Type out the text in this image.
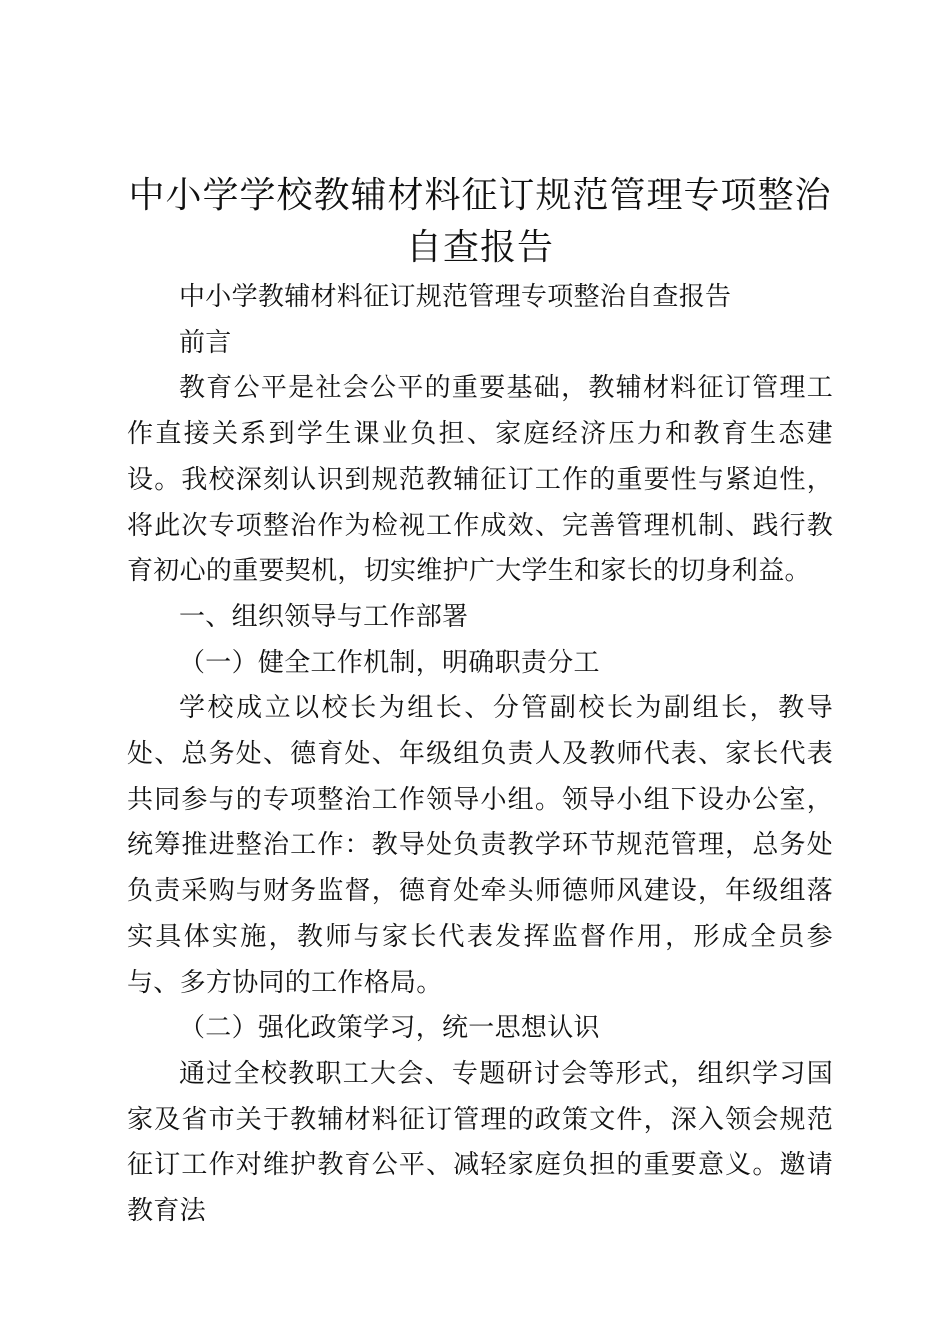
中小学学校教辅材料征订规范管理专项整治自查报告

中小学教辅材料征订规范管理专项整治自查报告

前言

教育公平是社会公平的重要基础，教辅材料征订管理工作直接关系到学生课业负担、家庭经济压力和教育生态建设。我校深刻认识到规范教辅征订工作的重要性与紧迫性，将此次专项整治作为检视工作成效、完善管理机制、践行教育初心的重要契机，切实维护广大学生和家长的切身利益。

一、组织领导与工作部署

（一）健全工作机制，明确职责分工

学校成立以校长为组长、分管副校长为副组长，教导处、总务处、德育处、年级组负责人及教师代表、家长代表共同参与的专项整治工作领导小组。领导小组下设办公室，统筹推进整治工作：教导处负责教学环节规范管理，总务处负责采购与财务监督，德育处牵头师德师风建设，年级组落实具体实施，教师与家长代表发挥监督作用，形成全员参与、多方协同的工作格局。

（二）强化政策学习，统一思想认识

通过全校教职工大会、专题研讨会等形式，组织学习国家及省市关于教辅材料征订管理的政策文件，深入领会规范征订工作对维护教育公平、减轻家庭负担的重要意义。邀请教育法
